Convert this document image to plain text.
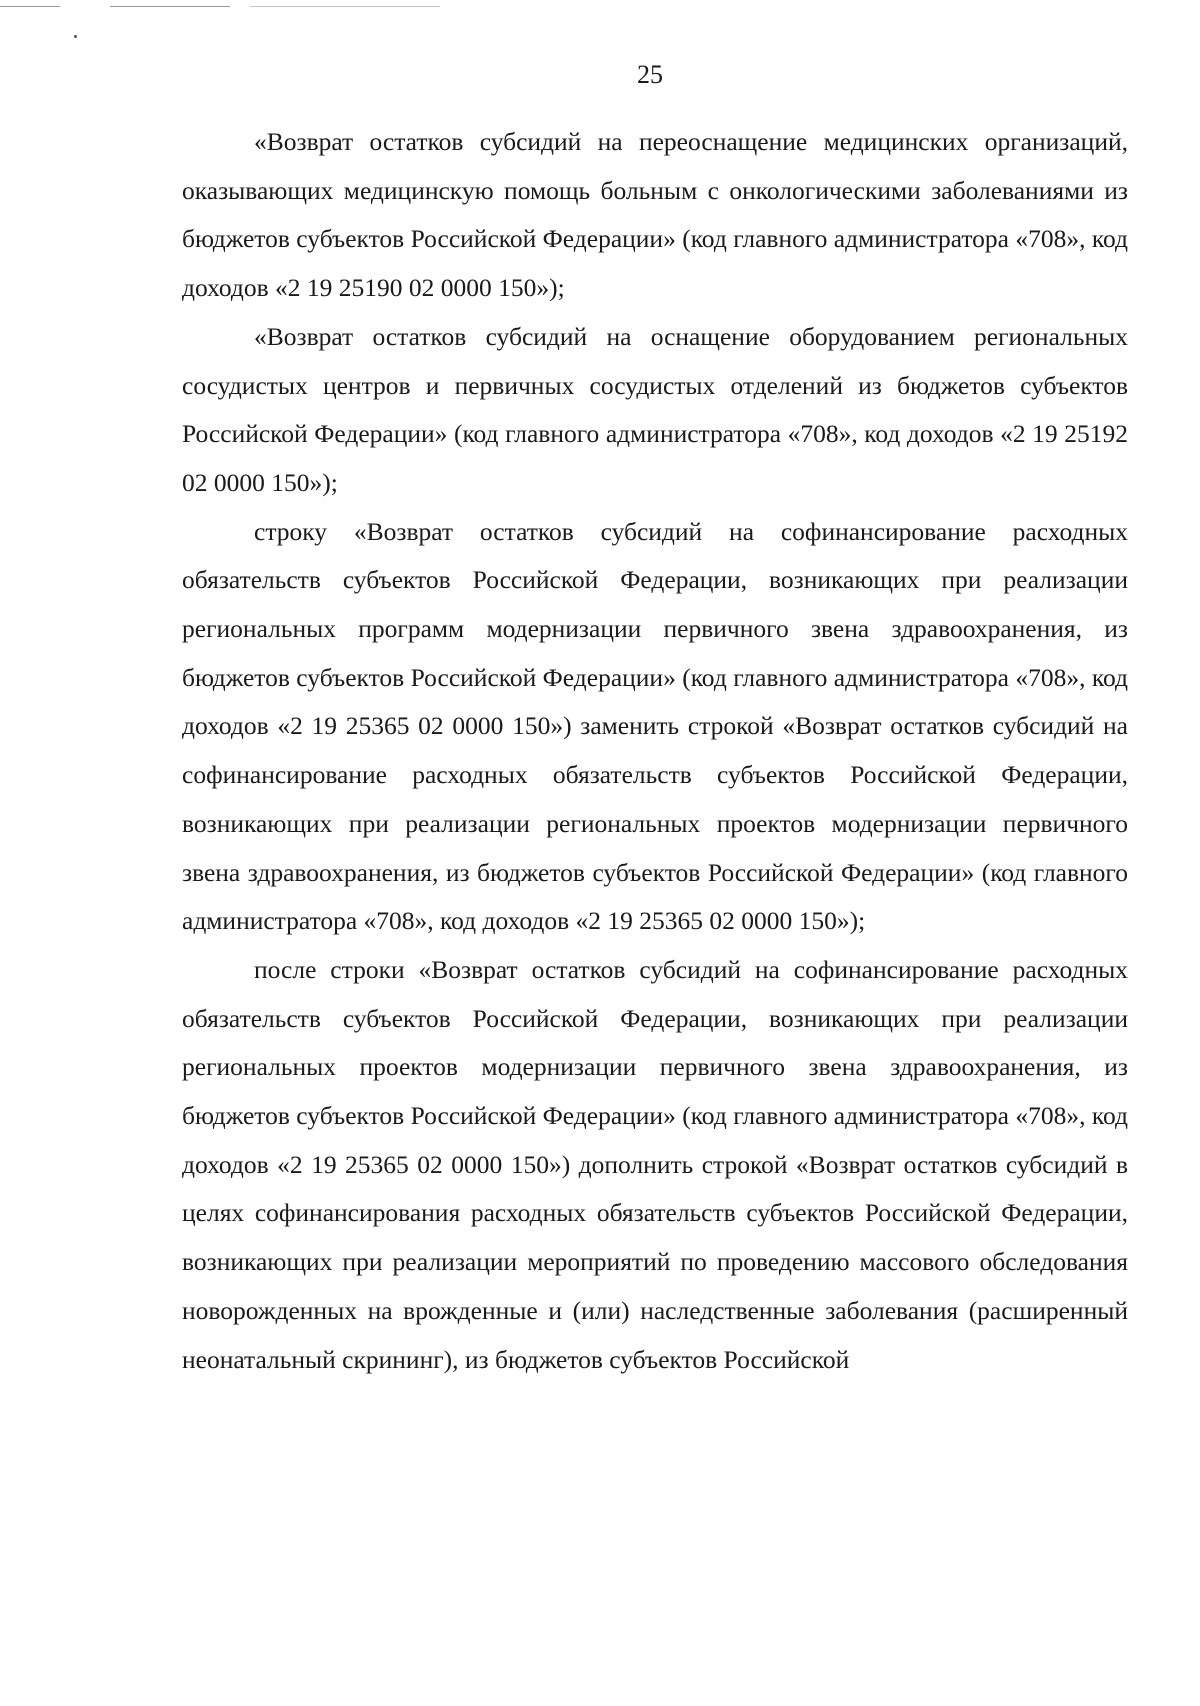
25

«Возврат остатков субсидий на переоснащение медицинских организаций, оказывающих медицинскую помощь больным с онкологическими заболеваниями из бюджетов субъектов Российской Федерации» (код главного администратора «708», код доходов «2 19 25190 02 0000 150»);

«Возврат остатков субсидий на оснащение оборудованием региональных сосудистых центров и первичных сосудистых отделений из бюджетов субъектов Российской Федерации» (код главного администратора «708», код доходов «2 19 25192 02 0000 150»);

строку «Возврат остатков субсидий на софинансирование расходных обязательств субъектов Российской Федерации, возникающих при реализации региональных программ модернизации первичного звена здравоохранения, из бюджетов субъектов Российской Федерации» (код главного администратора «708», код доходов «2 19 25365 02 0000 150») заменить строкой «Возврат остатков субсидий на софинансирование расходных обязательств субъектов Российской Федерации, возникающих при реализации региональных проектов модернизации первичного звена здравоохранения, из бюджетов субъектов Российской Федерации» (код главного администратора «708», код доходов «2 19 25365 02 0000 150»);

после строки «Возврат остатков субсидий на софинансирование расходных обязательств субъектов Российской Федерации, возникающих при реализации региональных проектов модернизации первичного звена здравоохранения, из бюджетов субъектов Российской Федерации» (код главного администратора «708», код доходов «2 19 25365 02 0000 150») дополнить строкой «Возврат остатков субсидий в целях софинансирования расходных обязательств субъектов Российской Федерации, возникающих при реализации мероприятий по проведению массового обследования новорожденных на врожденные и (или) наследственные заболевания (расширенный неонатальный скрининг), из бюджетов субъектов Российской
